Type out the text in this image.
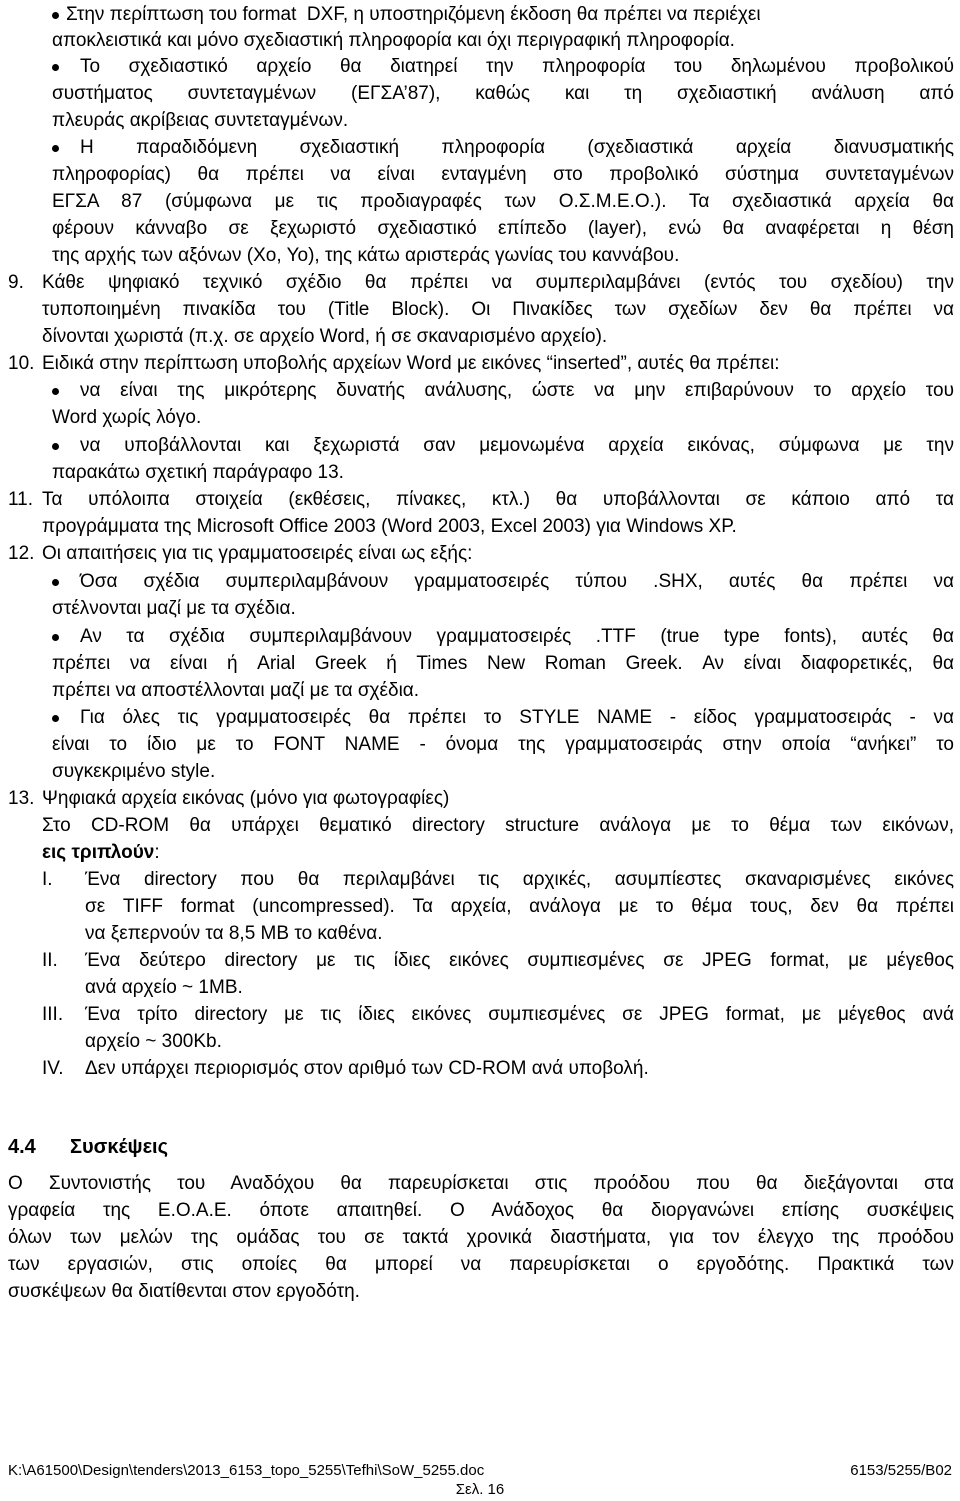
Στην περίπτωση του format  DXF, η υποστηριζόμενη έκδοση θα πρέπει να περιέχει
αποκλειστικά και μόνο σχεδιαστική πληροφορία και όχι περιγραφική πληροφορία.
Το σχεδιαστικό αρχείο θα διατηρεί την πληροφορία του δηλωμένου προβολικού
συστήματος συντεταγμένων (ΕΓΣΑ’87), καθώς και τη σχεδιαστική ανάλυση από
πλευράς ακρίβειας συντεταγμένων.
Η παραδιδόμενη σχεδιαστική πληροφορία (σχεδιαστικά αρχεία διανυσματικής
πληροφορίας) θα πρέπει να είναι ενταγμένη στο προβολικό σύστημα συντεταγμένων
ΕΓΣΑ 87 (σύμφωνα με τις προδιαγραφές των Ο.Σ.Μ.Ε.Ο.). Τα σχεδιαστικά αρχεία θα
φέρουν κάνναβο σε ξεχωριστό σχεδιαστικό επίπεδο (layer), ενώ θα αναφέρεται η θέση
της αρχής των αξόνων (Xo, Yo), της κάτω αριστεράς γωνίας του καννάβου.
9. Κάθε ψηφιακό τεχνικό σχέδιο θα πρέπει να συμπεριλαμβάνει (εντός του σχεδίου) την
τυποποιημένη πινακίδα του (Title Block). Οι Πινακίδες των σχεδίων δεν θα πρέπει να
δίνονται χωριστά (π.χ. σε αρχείο Word, ή σε σκαναρισμένο αρχείο).
10. Ειδικά στην περίπτωση υποβολής αρχείων Word με εικόνες “inserted”, αυτές θα πρέπει:
να είναι της μικρότερης δυνατής ανάλυσης, ώστε να μην επιβαρύνουν το αρχείο του
Word χωρίς λόγο.
να υποβάλλονται και ξεχωριστά σαν μεμονωμένα αρχεία εικόνας, σύμφωνα με την
παρακάτω σχετική παράγραφο 13.
11. Τα υπόλοιπα στοιχεία (εκθέσεις, πίνακες, κτλ.) θα υποβάλλονται σε κάποιο από τα
προγράμματα της Microsoft Office 2003 (Word 2003, Excel 2003) για Windows XP.
12. Οι απαιτήσεις για τις γραμματοσειρές είναι ως εξής:
Όσα σχέδια συμπεριλαμβάνουν γραμματοσειρές τύπου .SHX, αυτές θα πρέπει να
στέλνονται μαζί με τα σχέδια.
Αν τα σχέδια συμπεριλαμβάνουν γραμματοσειρές .TTF (true type fonts), αυτές θα
πρέπει να είναι ή Arial Greek ή Times New Roman Greek. Αν είναι διαφορετικές, θα
πρέπει να αποστέλλονται μαζί με τα σχέδια.
Για όλες τις γραμματοσειρές θα πρέπει το STYLE NAME - είδος γραμματοσειράς - να
είναι το ίδιο με το FONT NAME - όνομα της γραμματοσειράς στην οποία “ανήκει” το
συγκεκριμένο style.
13. Ψηφιακά αρχεία εικόνας (μόνο για φωτογραφίες)
Στο CD-ROM θα υπάρχει θεματικό directory structure ανάλογα με το θέμα των εικόνων,
εις τριπλούν:
I. Ένα directory που θα περιλαμβάνει τις αρχικές, ασυμπίεστες σκαναρισμένες εικόνες
σε TIFF format (uncompressed). Τα αρχεία, ανάλογα με το θέμα τους, δεν θα πρέπει
να ξεπερνούν τα 8,5 MB το καθένα.
II. Ένα δεύτερο directory με τις ίδιες εικόνες συμπιεσμένες σε JPEG format, με μέγεθος
ανά αρχείο ~ 1MB.
III. Ένα τρίτο directory με τις ίδιες εικόνες συμπιεσμένες σε JPEG format, με μέγεθος ανά
αρχείο ~ 300Kb.
IV. Δεν υπάρχει περιορισμός στον αριθμό των CD-ROM ανά υποβολή.
4.4 Συσκέψεις
Ο Συντονιστής του Αναδόχου θα παρευρίσκεται στις προόδου που θα διεξάγονται στα
γραφεία της Ε.Ο.Α.Ε. όποτε απαιτηθεί. Ο Ανάδοχος θα διοργανώνει επίσης συσκέψεις
όλων των μελών της ομάδας του σε τακτά χρονικά διαστήματα, για τον έλεγχο της προόδου
των εργασιών, στις οποίες θα μπορεί να παρευρίσκεται ο εργοδότης. Πρακτικά των
συσκέψεων θα διατίθενται στον εργοδότη.
K:\A61500\Design\tenders\2013_6153_topo_5255\Tefhi\SoW_5255.doc	6153/5255/B02
Σελ. 16
